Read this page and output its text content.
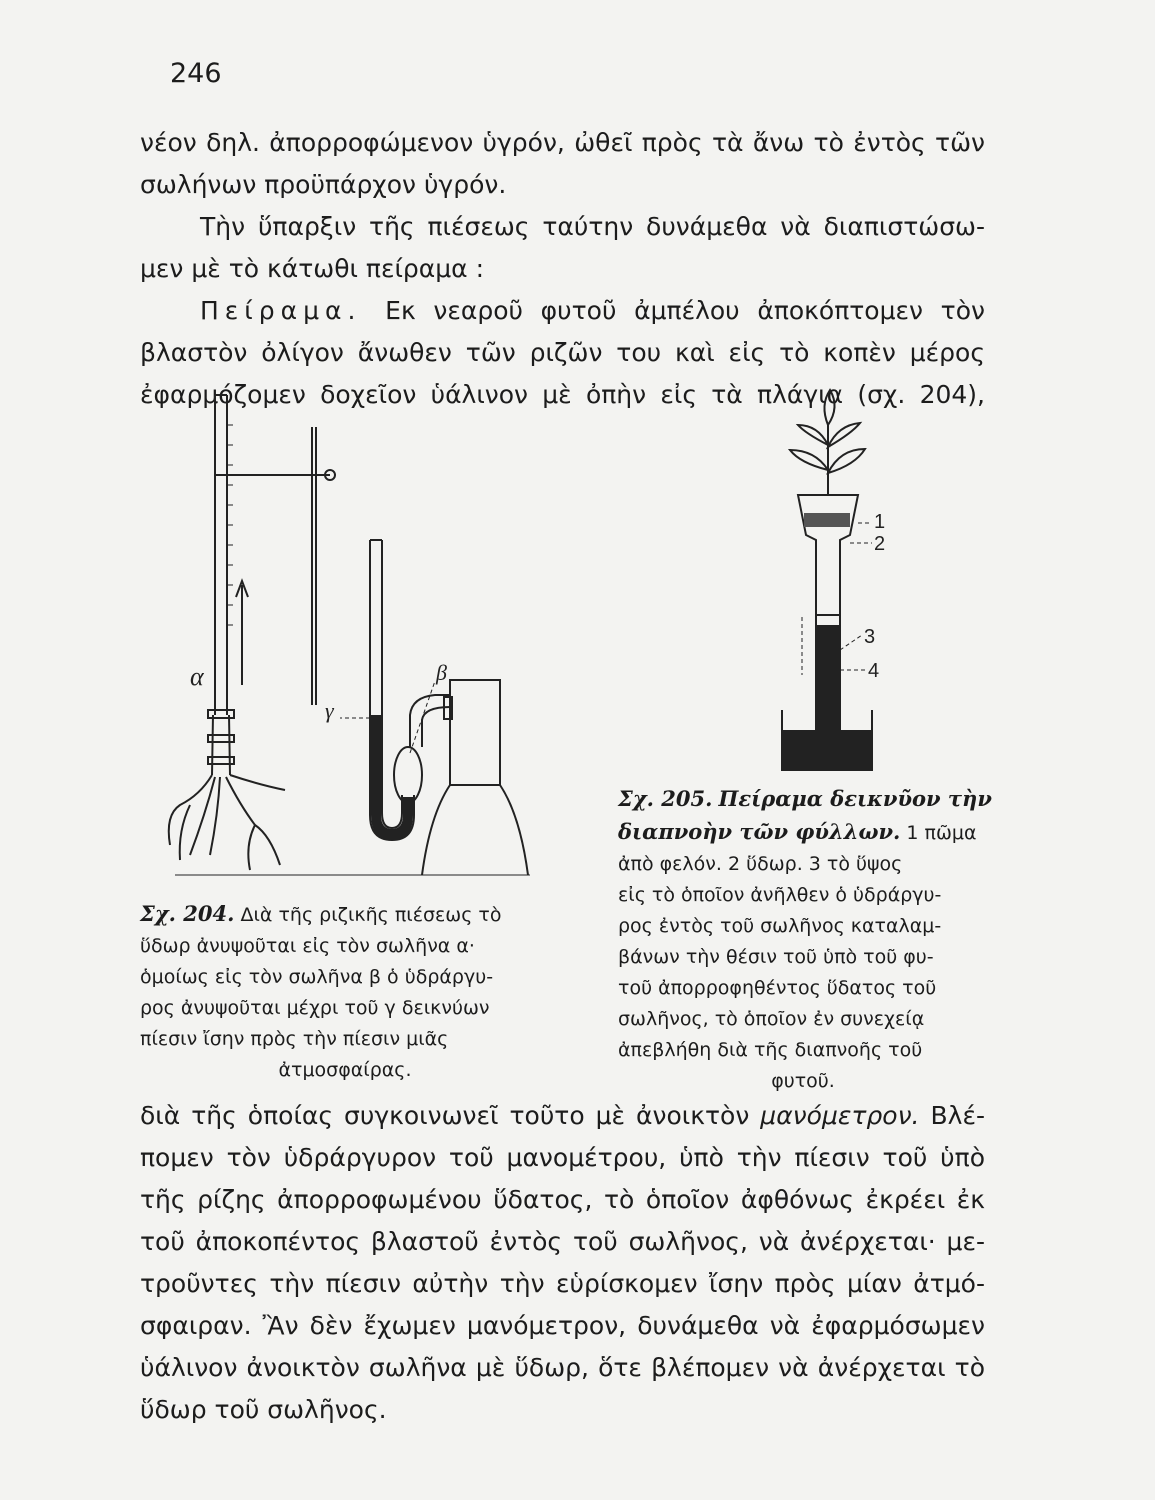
246
νέον δηλ. ἀπορροφώμενον ὑγρόν, ὠθεῖ πρὸς τὰ ἄνω τὸ ἐντὸς τῶν
σωλήνων προϋπάρχον ὑγρόν.
Τὴν ὕπαρξιν τῆς πιέσεως ταύτην δυνάμεθα νὰ διαπιστώσω-
μεν μὲ τὸ κάτωθι πείραμα :
Πείραμα. Εκ νεαροῦ φυτοῦ ἀμπέλου ἀποκόπτομεν τὸν
βλαστὸν ὀλίγον ἄνωθεν τῶν ριζῶν του καὶ εἰς τὸ κοπὲν μέρος
ἐφαρμόζομεν δοχεῖον ὑάλινον μὲ ὀπὴν εἰς τὰ πλάγια (σχ. 204),
α	β
γ
1
2
3
4
Σχ. 204. Διὰ τῆς ριζικῆς πιέσεως τὸ
ὕδωρ ἀνυψοῦται εἰς τὸν σωλῆνα α·
ὁμοίως εἰς τὸν σωλῆνα β ὁ ὑδράργυ-
ρος ἀνυψοῦται μέχρι τοῦ γ δεικνύων
πίεσιν ἴσην πρὸς τὴν πίεσιν μιᾶς
ἀτμοσφαίρας.
Σχ. 205. Πείραμα δεικνῦον τὴν
διαπνοὴν τῶν φύλλων. 1 πῶμα
ἀπὸ φελόν. 2 ὕδωρ. 3 τὸ ὕψος
εἰς τὸ ὁποῖον ἀνῆλθεν ὁ ὑδράργυ-
ρος ἐντὸς τοῦ σωλῆνος καταλαμ-
βάνων τὴν θέσιν τοῦ ὑπὸ τοῦ φυ-
τοῦ ἀπορροφηθέντος ὕδατος τοῦ
σωλῆνος, τὸ ὁποῖον ἐν συνεχείᾳ
ἀπεβλήθη διὰ τῆς διαπνοῆς τοῦ
φυτοῦ.
διὰ τῆς ὁποίας συγκοινωνεῖ τοῦτο μὲ ἀνοικτὸν μανόμετρον. Βλέ-
πομεν τὸν ὑδράργυρον τοῦ μανομέτρου, ὑπὸ τὴν πίεσιν τοῦ ὑπὸ
τῆς ρίζης ἀπορροφωμένου ὕδατος, τὸ ὁποῖον ἀφθόνως ἐκρέει ἐκ
τοῦ ἀποκοπέντος βλαστοῦ ἐντὸς τοῦ σωλῆνος, νὰ ἀνέρχεται· με-
τροῦντες τὴν πίεσιν αὐτὴν τὴν εὑρίσκομεν ἴσην πρὸς μίαν ἀτμό-
σφαιραν. Ἂν δὲν ἔχωμεν μανόμετρον, δυνάμεθα νὰ ἐφαρμόσωμεν
ὑάλινον ἀνοικτὸν σωλῆνα μὲ ὕδωρ, ὅτε βλέπομεν νὰ ἀνέρχεται τὸ
ὕδωρ τοῦ σωλῆνος.
